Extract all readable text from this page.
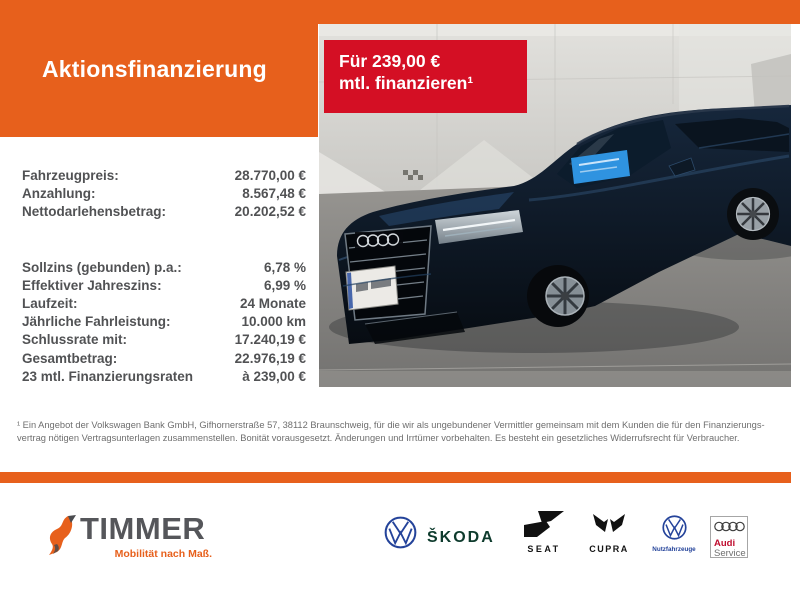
Aktionsfinanzierung	Für 239,00 €
mtl. finanzieren¹
Fahrzeugpreis:	28.770,00 €
Anzahlung:	8.567,48 €
Nettodarlehensbetrag:	20.202,52 €
Sollzins (gebunden) p.a.:	6,78 %
Effektiver Jahreszins:	6,99 %
Laufzeit:	24 Monate
Jährliche Fahrleistung:	10.000 km
Schlussrate mit:	17.240,19 €
Gesamtbetrag:	22.976,19 €
23 mtl. Finanzierungsraten	à 239,00 €
¹ Ein Angebot der Volkswagen Bank GmbH, Gifhornerstraße 57, 38112 Braunschweig, für die wir als ungebundener Vermittler gemeinsam mit dem Kunden die für den Finanzierungs-
vertrag nötigen Vertragsunterlagen zusammenstellen. Bonität vorausgesetzt. Änderungen und Irrtümer vorbehalten. Es besteht ein gesetzliches Widerrufsrecht für Verbraucher.
TIMMER
Mobilität nach Maß.
ŠKODA
SEAT	CUPRA	Nutzfahrzeuge
Audi
Service
